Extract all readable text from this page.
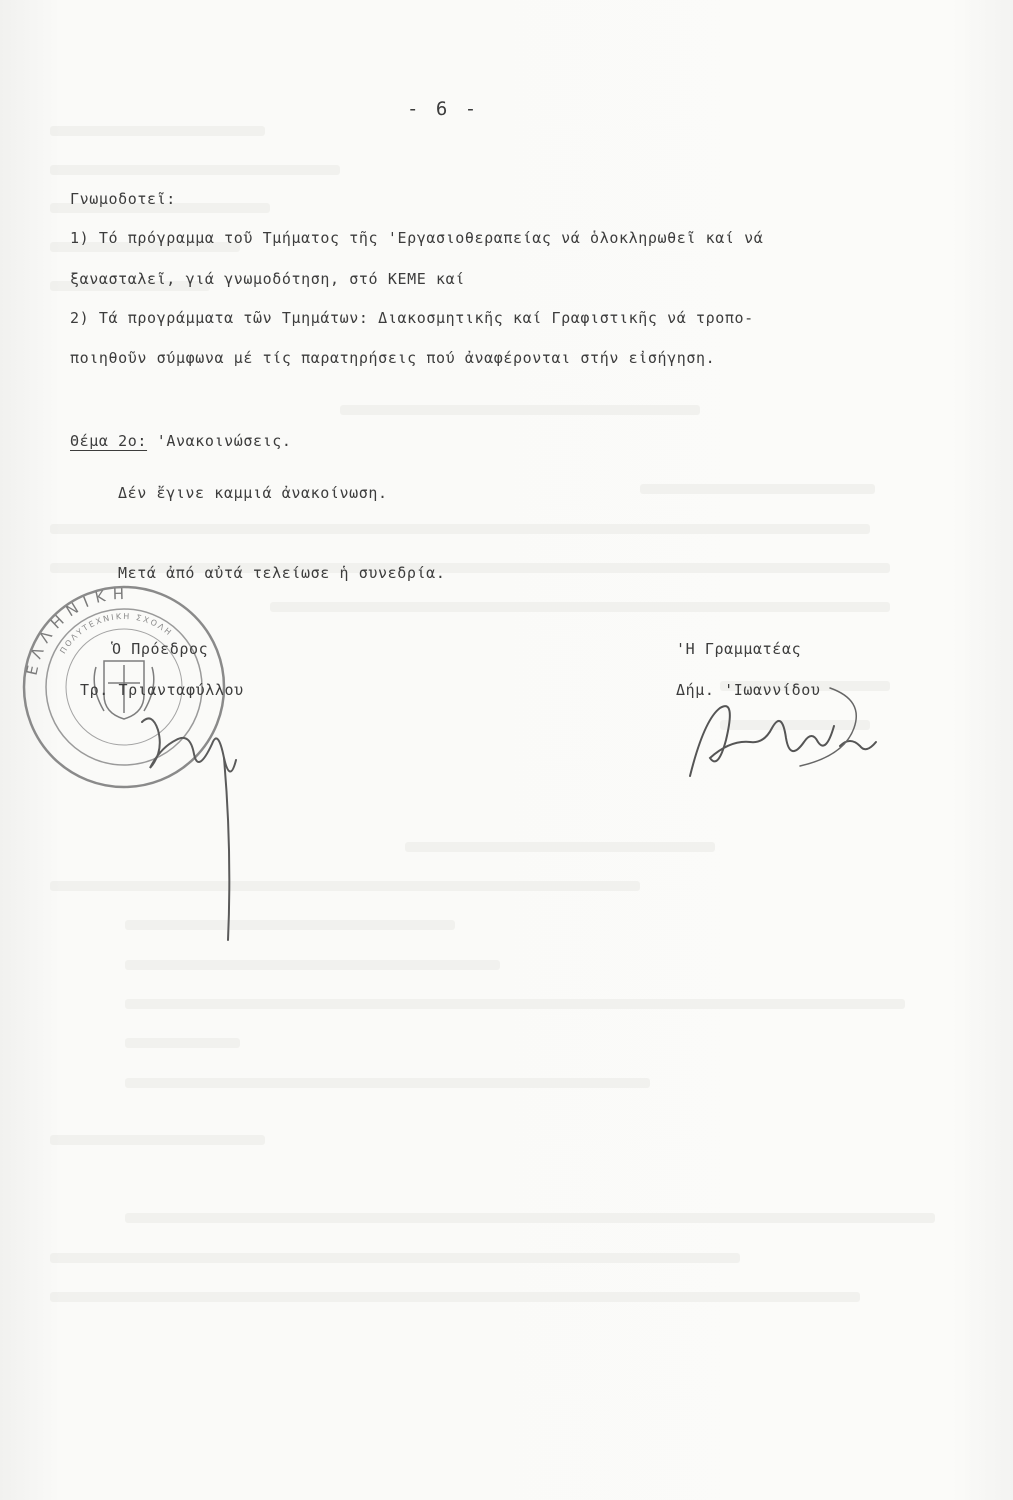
- 6 -
Γνωμοδοτεῖ:
1) Τό πρόγραμμα τοῦ Τμήματος τῆς 'Εργασιοθεραπείας νά ὁλοκληρωθεῖ καί νά
ξανασταλεῖ, γιά γνωμοδότηση, στό ΚΕΜΕ καί
2) Τά προγράμματα τῶν Τμημάτων: Διακοσμητικῆς καί Γραφιστικῆς νά τροπο-
ποιηθοῦν σύμφωνα μέ τίς παρατηρήσεις πού ἀναφέρονται στήν εἰσήγηση.
Θέμα 2ο: 'Ανακοινώσεις.
Δέν ἔγινε καμμιά ἀνακοίνωση.
Μετά ἀπό αὐτά τελείωσε ἡ συνεδρία.
ΕΛΛΗΝΙΚΗ
ΠΟΛΥΤΕΧΝΙΚΗ ΣΧΟΛΗ
Ὁ Πρόεδρος
Τρ. Τριανταφύλλου
'Η Γραμματέας
Δήμ. 'Ιωαννίδου
